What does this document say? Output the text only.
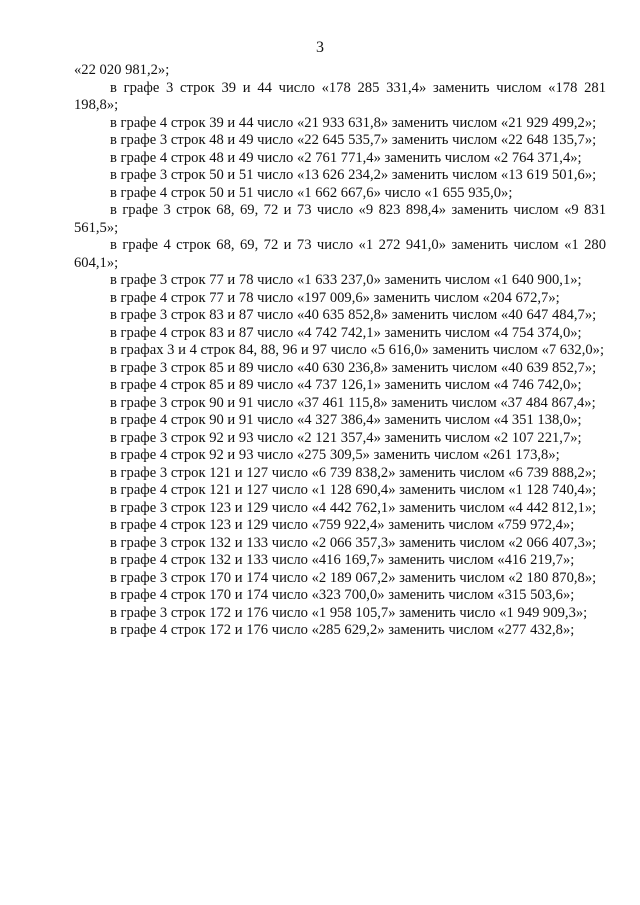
3

«22 020 981,2»;

в графе 3 строк 39 и 44 число «178 285 331,4» заменить числом «178 281 198,8»;

в графе 4 строк 39 и 44 число «21 933 631,8» заменить числом «21 929 499,2»;

в графе 3 строк 48 и 49 число «22 645 535,7» заменить числом «22 648 135,7»;

в графе 4 строк 48 и 49 число «2 761 771,4» заменить числом «2 764 371,4»;

в графе 3 строк 50 и 51 число «13 626 234,2» заменить числом «13 619 501,6»;

в графе 4 строк 50 и 51 число «1 662 667,6» число «1 655 935,0»;

в графе 3 строк 68, 69, 72 и 73 число «9 823 898,4» заменить числом «9 831 561,5»;

в графе 4 строк 68, 69, 72 и 73 число «1 272 941,0» заменить числом «1 280 604,1»;

в графе 3 строк 77 и 78 число «1 633 237,0» заменить числом «1 640 900,1»;

в графе 4 строк 77 и 78 число «197 009,6» заменить числом «204 672,7»;

в графе 3 строк 83 и 87 число «40 635 852,8» заменить числом «40 647 484,7»;

в графе 4 строк 83 и 87 число «4 742 742,1» заменить числом «4 754 374,0»;

в графах 3 и 4 строк 84, 88, 96 и 97 число «5 616,0» заменить числом «7 632,0»;

в графе 3 строк 85 и 89 число «40 630 236,8» заменить числом «40 639 852,7»;

в графе 4 строк 85 и 89 число «4 737 126,1» заменить числом «4 746 742,0»;

в графе 3 строк 90 и 91 число «37 461 115,8» заменить числом «37 484 867,4»;

в графе 4 строк 90 и 91 число «4 327 386,4» заменить числом «4 351 138,0»;

в графе 3 строк 92 и 93 число «2 121 357,4» заменить числом «2 107 221,7»;

в графе 4 строк 92 и 93 число «275 309,5» заменить числом «261 173,8»;

в графе 3 строк 121 и 127 число «6 739 838,2» заменить числом «6 739 888,2»;

в графе 4 строк 121 и 127 число «1 128 690,4» заменить числом «1 128 740,4»;

в графе 3 строк 123 и 129 число «4 442 762,1» заменить числом «4 442 812,1»;

в графе 4 строк 123 и 129 число «759 922,4» заменить числом «759 972,4»;

в графе 3 строк 132 и 133 число «2 066 357,3» заменить числом «2 066 407,3»;

в графе 4 строк 132 и 133 число «416 169,7» заменить числом «416 219,7»;

в графе 3 строк 170 и 174 число «2 189 067,2» заменить числом «2 180 870,8»;

в графе 4 строк 170 и 174 число «323 700,0» заменить числом «315 503,6»;

в графе 3 строк 172 и 176 число «1 958 105,7» заменить число «1 949 909,3»;

в графе 4 строк 172 и 176 число «285 629,2» заменить числом «277 432,8»;
